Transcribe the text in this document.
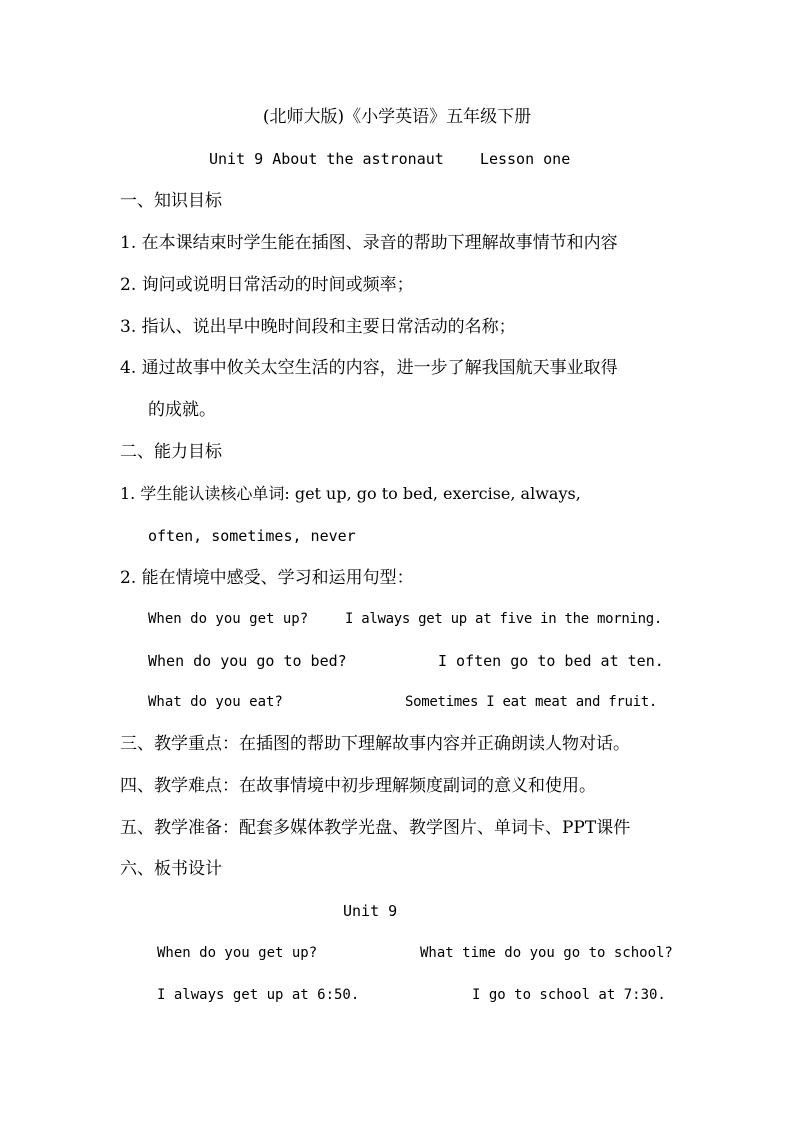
(北师大版)《小学英语》五年级下册
Unit 9 About the astronaut    Lesson one
一、知识目标
1. 在本课结束时学生能在插图、录音的帮助下理解故事情节和内容
2. 询问或说明日常活动的时间或频率；
3. 指认、说出早中晚时间段和主要日常活动的名称；
4. 通过故事中攸关太空生活的内容，进一步了解我国航天事业取得
的成就。
二、能力目标
1. 学生能认读核心单词: get up, go to bed, exercise, always,
often, sometimes, never
2. 能在情境中感受、学习和运用句型：
When do you get up?	I always get up at five in the morning.
When do you go to bed?	I often go to bed at ten.
What do you eat?	Sometimes I eat meat and fruit.
三、教学重点：在插图的帮助下理解故事内容并正确朗读人物对话。
四、教学难点：在故事情境中初步理解频度副词的意义和使用。
五、教学准备：配套多媒体教学光盘、教学图片、单词卡、PPT课件
六、板书设计
Unit 9
When do you get up?	What time do you go to school?
I always get up at 6:50.	I go to school at 7:30.
